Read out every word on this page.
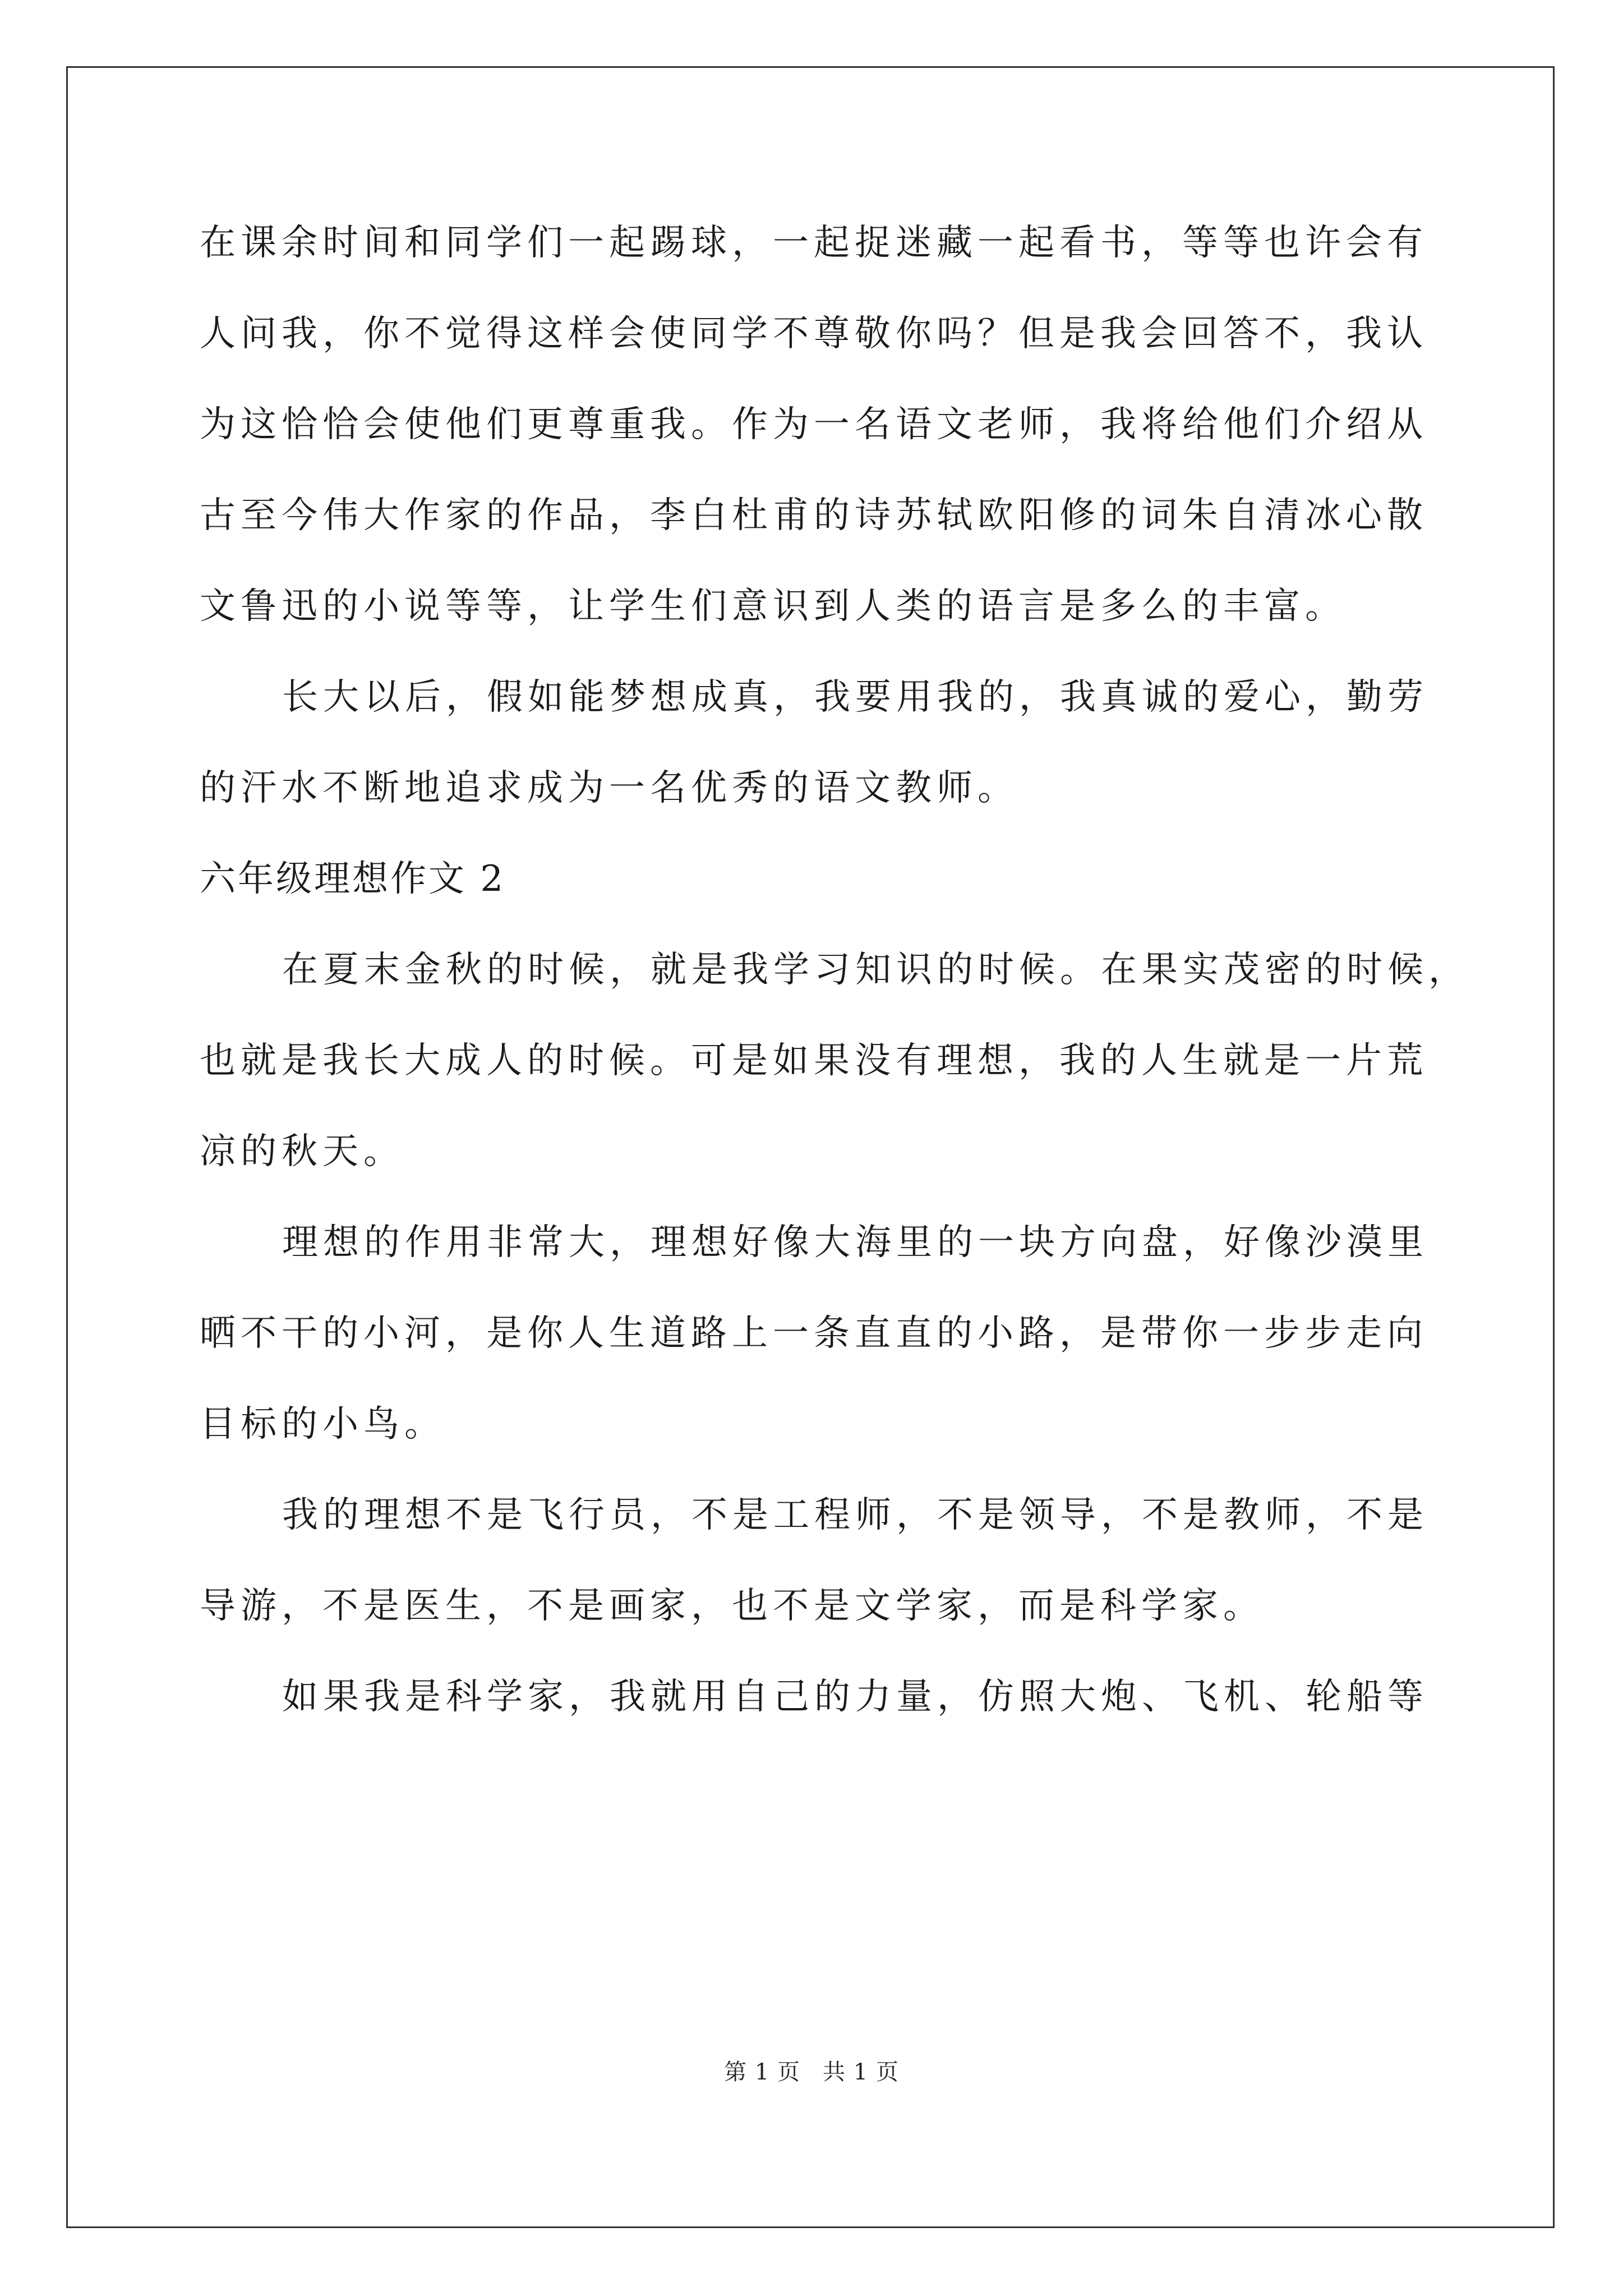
在课余时间和同学们一起踢球，一起捉迷藏一起看书，等等也许会有
人问我，你不觉得这样会使同学不尊敬你吗？但是我会回答不，我认
为这恰恰会使他们更尊重我。作为一名语文老师，我将给他们介绍从
古至今伟大作家的作品，李白杜甫的诗苏轼欧阳修的词朱自清冰心散
文鲁迅的小说等等，让学生们意识到人类的语言是多么的丰富。
长大以后，假如能梦想成真，我要用我的，我真诚的爱心，勤劳
的汗水不断地追求成为一名优秀的语文教师。
六年级理想作文 2
在夏末金秋的时候，就是我学习知识的时候。在果实茂密的时候，
也就是我长大成人的时候。可是如果没有理想，我的人生就是一片荒
凉的秋天。
理想的作用非常大，理想好像大海里的一块方向盘，好像沙漠里
晒不干的小河，是你人生道路上一条直直的小路，是带你一步步走向
目标的小鸟。
我的理想不是飞行员，不是工程师，不是领导，不是教师，不是
导游，不是医生，不是画家，也不是文学家，而是科学家。
如果我是科学家，我就用自己的力量，仿照大炮、飞机、轮船等
第 1 页 共 1 页
